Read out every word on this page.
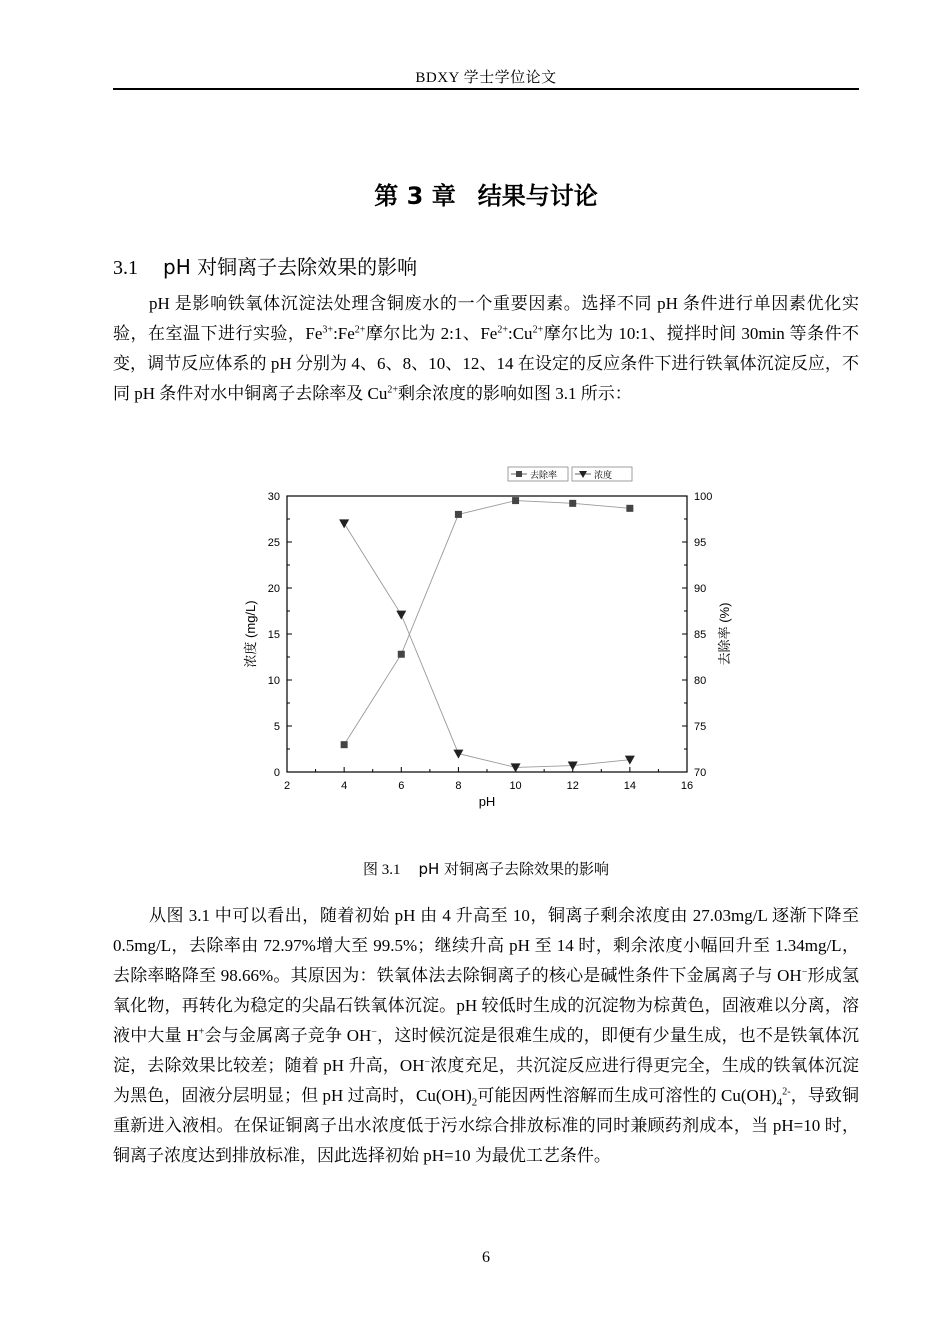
BDXY 学士学位论文
第 3 章 结果与讨论
3.1 pH 对铜离子去除效果的影响

pH 是影响铁氧体沉淀法处理含铜废水的一个重要因素。选择不同 pH 条件进行单因素优化实验，在室温下进行实验，$Fe^{3+}:Fe^{2+}$摩尔比为 2:1、$Fe^{2+}:Cu^{2+}$摩尔比为 10:1、搅拌时间 30min 等条件不变，调节反应体系的 pH 分别为 4、6、8、10、12、14 在设定的反应条件下进行铁氧体沉淀反应，不同 pH 条件对水中铜离子去除率及 $Cu^{2+}$剩余浓度的影响如图 3.1 所示：

2	4	6	8	10	12	14	16
0
5
10
15
20
25
30
70
75
80
85
90
95
100
pH
浓度 (mg/L)	去除率 (%)
去除率	浓度
图 3.1 pH 对铜离子去除效果的影响

从图 3.1 中可以看出，随着初始 pH 由 4 升高至 10，铜离子剩余浓度由 27.03mg/L 逐渐下降至 0.5mg/L，去除率由 72.97%增大至 99.5%；继续升高 pH 至 14 时，剩余浓度小幅回升至 1.34mg/L，去除率略降至 98.66%。其原因为：铁氧体法去除铜离子的核心是碱性条件下金属离子与 OH−形成氢氧化物，再转化为稳定的尖晶石铁氧体沉淀。pH 较低时生成的沉淀物为棕黄色，固液难以分离，溶液中大量 H+会与金属离子竞争 OH−，这时候沉淀是很难生成的，即便有少量生成，也不是铁氧体沉淀，去除效果比较差；随着 pH 升高，OH−浓度充足，共沉淀反应进行得更完全，生成的铁氧体沉淀为黑色，固液分层明显；但 pH 过高时，$Cu(OH)_2$可能因两性溶解而生成可溶性的 $Cu(OH)_4^{2-}$，导致铜重新进入液相。在保证铜离子出水浓度低于污水综合排放标准的同时兼顾药剂成本，当 pH=10 时，铜离子浓度达到排放标准，因此选择初始 pH=10 为最优工艺条件。

6
